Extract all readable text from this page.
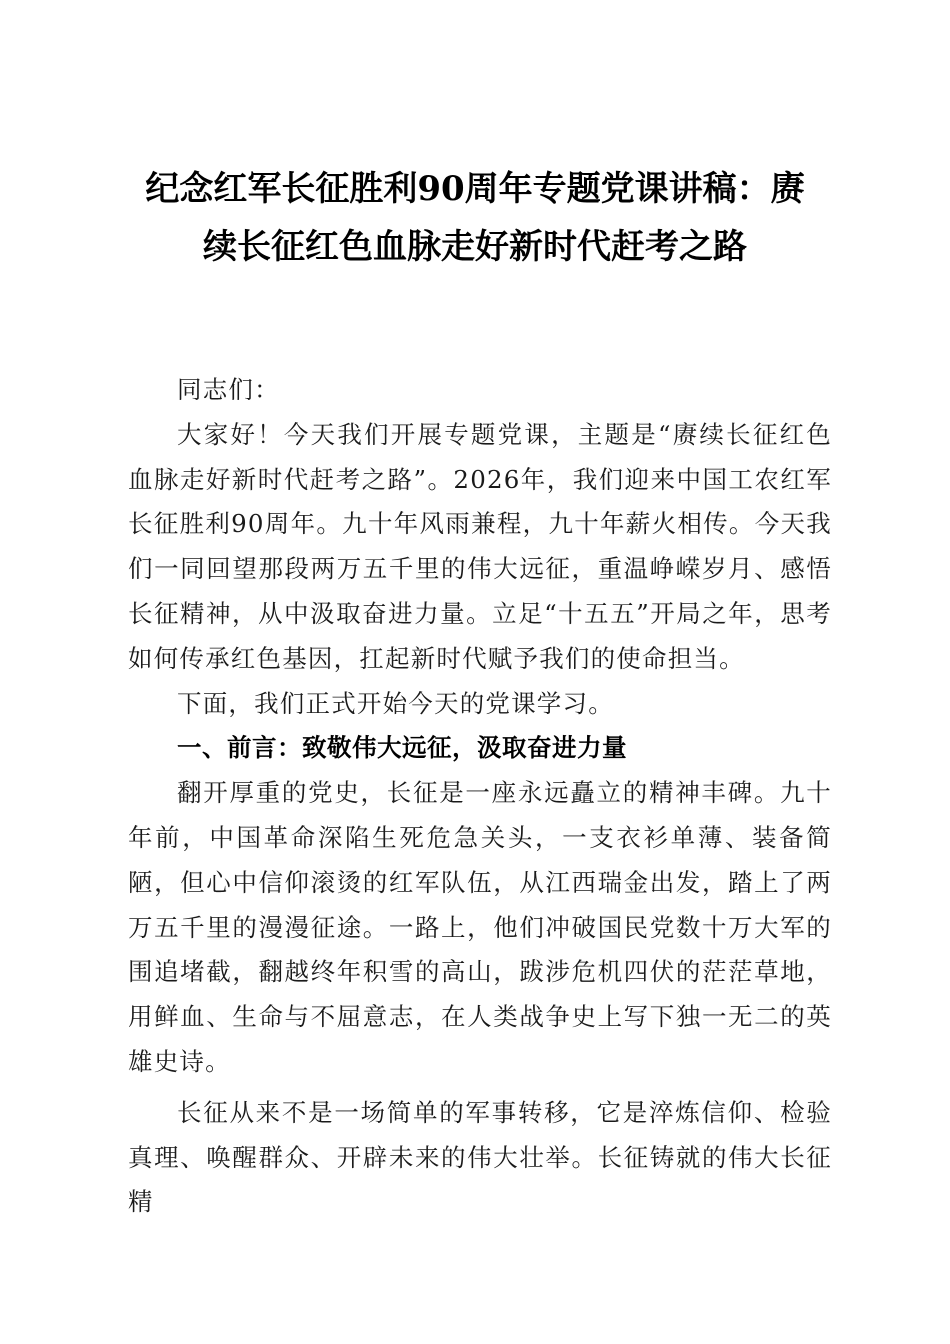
纪念红军长征胜利90周年专题党课讲稿：赓
续长征红色血脉走好新时代赶考之路

同志们：

大家好！今天我们开展专题党课，主题是“赓续长征红色血脉走好新时代赶考之路”。2026年，我们迎来中国工农红军长征胜利90周年。九十年风雨兼程，九十年薪火相传。今天我们一同回望那段两万五千里的伟大远征，重温峥嵘岁月、感悟长征精神，从中汲取奋进力量。立足“十五五”开局之年，思考如何传承红色基因，扛起新时代赋予我们的使命担当。

下面，我们正式开始今天的党课学习。

一、前言：致敬伟大远征，汲取奋进力量

翻开厚重的党史，长征是一座永远矗立的精神丰碑。九十年前，中国革命深陷生死危急关头，一支衣衫单薄、装备简陋，但心中信仰滚烫的红军队伍，从江西瑞金出发，踏上了两万五千里的漫漫征途。一路上，他们冲破国民党数十万大军的围追堵截，翻越终年积雪的高山，跋涉危机四伏的茫茫草地，用鲜血、生命与不屈意志，在人类战争史上写下独一无二的英雄史诗。

长征从来不是一场简单的军事转移，它是淬炼信仰、检验真理、唤醒群众、开辟未来的伟大壮举。长征铸就的伟大长征精
